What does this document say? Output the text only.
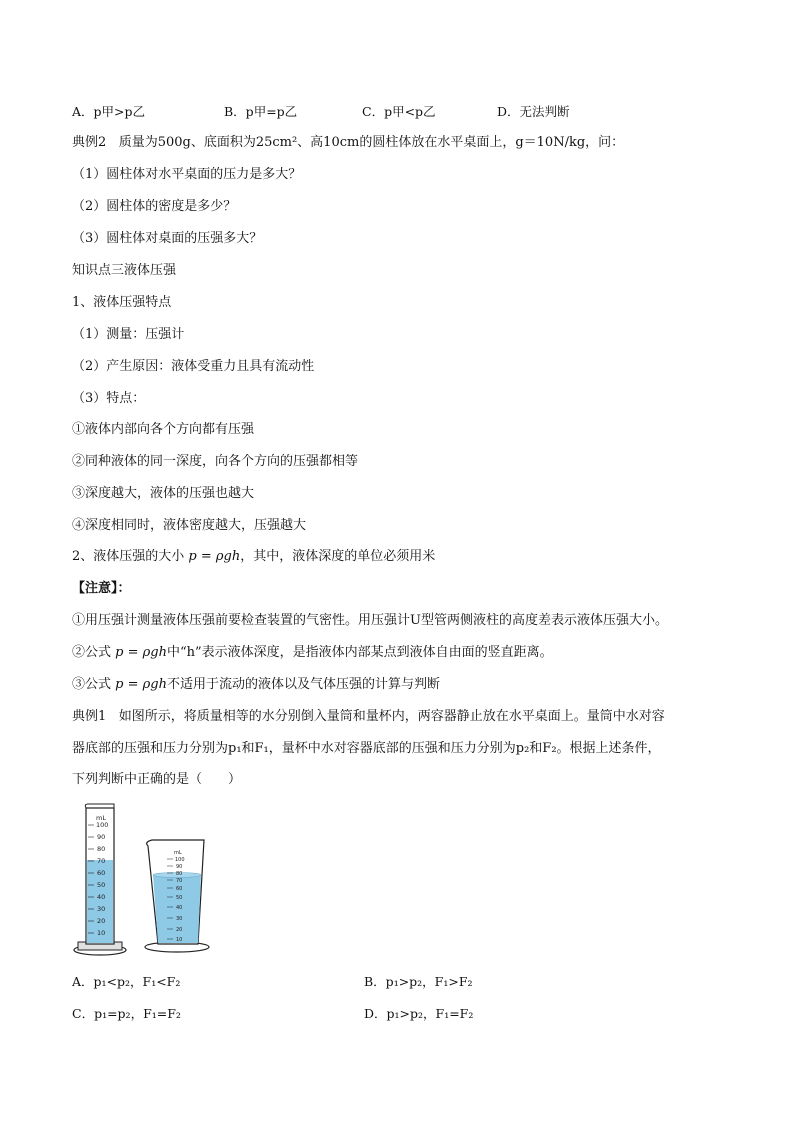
A．p甲>p乙	B．p甲=p乙	C．p甲<p乙	D．无法判断
典例2 质量为500g、底面积为25cm²、高10cm的圆柱体放在水平桌面上，g＝10N/kg，问：
（1）圆柱体对水平桌面的压力是多大？
（2）圆柱体的密度是多少？
（3）圆柱体对桌面的压强多大？
知识点三液体压强
1、液体压强特点
（1）测量：压强计
（2）产生原因：液体受重力且具有流动性
（3）特点：
①液体内部向各个方向都有压强
②同种液体的同一深度，向各个方向的压强都相等
③深度越大，液体的压强也越大
④深度相同时，液体密度越大，压强越大
2、液体压强的大小 p = ρgh，其中，液体深度的单位必须用米
【注意】：
①用压强计测量液体压强前要检查装置的气密性。用压强计U型管两侧液柱的高度差表示液体压强大小。
②公式 p = ρgh中“h”表示液体深度，是指液体内部某点到液体自由面的竖直距离。
③公式 p = ρgh不适用于流动的液体以及气体压强的计算与判断
典例1 如图所示，将质量相等的水分别倒入量筒和量杯内，两容器静止放在水平桌面上。量筒中水对容
器底部的压强和压力分别为p₁和F₁，量杯中水对容器底部的压强和压力分别为p₂和F₂。根据上述条件，
下列判断中正确的是（　　）
mL
100
90
80
70
60
50
40
30
20
10
mL
100
90
80
70
60
50
40
30
20
10
A．p₁<p₂，F₁<F₂	B．p₁>p₂，F₁>F₂
C．p₁=p₂，F₁=F₂	D．p₁>p₂，F₁=F₂
